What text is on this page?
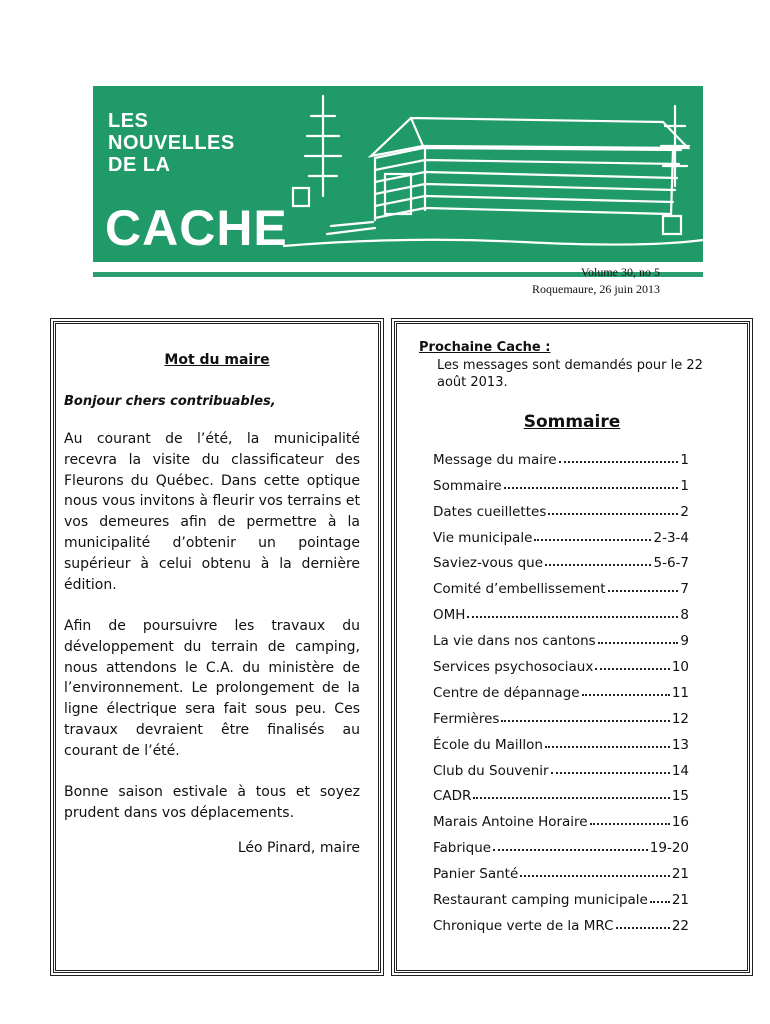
LES
NOUVELLES
DE LA
CACHE
Volume 30, no 5
Roquemaure, 26 juin 2013
Mot du maire
Bonjour chers contribuables,
Au courant de l’été, la municipalité recevra la visite du classificateur des Fleurons du Québec. Dans cette optique nous vous invitons à fleurir vos terrains et vos demeures afin de permettre à la municipalité d’obtenir un pointage supérieur à celui obtenu à la dernière édition.
Afin de poursuivre les travaux du développement du terrain de camping, nous attendons le C.A. du ministère de l’environnement. Le prolongement de la ligne électrique sera fait sous peu. Ces travaux devraient être finalisés au courant de l’été.
Bonne saison estivale à tous et soyez prudent dans vos déplacements.
Léo Pinard, maire
Prochaine Cache :
Les messages sont demandés pour le 22 août 2013.
Sommaire
Message du maire	1
Sommaire	1
Dates cueillettes	2
Vie municipale	2-3-4
Saviez-vous que	5-6-7
Comité d’embellissement	7
OMH	8
La vie dans nos cantons	9
Services psychosociaux	10
Centre de dépannage	11
Fermières	12
École du Maillon	13
Club du Souvenir	14
CADR	15
Marais Antoine Horaire	16
Fabrique	19-20
Panier Santé	21
Restaurant camping municipale 21
Chronique verte de la MRC	22
